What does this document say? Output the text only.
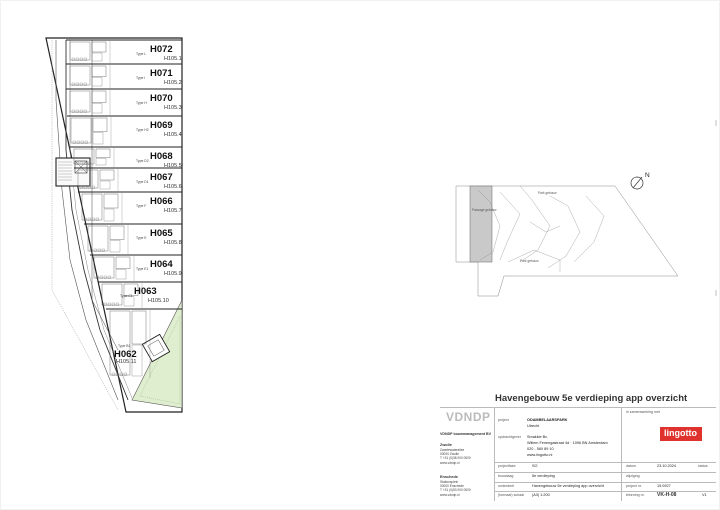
H072
H105.1
Type L
H071
H105.2
Type I
H070
H105.3
Type H
H069
H105.4
Type H2
H068
H105.5
Type D2
H067
H105.6
Type D1
H066
H105.7
Type F
H065
H105.8
Type E
H064
H105.9
Type E1
H063
H105.10
Type C1
H062
H105.11
Type B1
Passage gebouw
Park gebouw
Park gebouw
N
Havengebouw 5e verdieping app overzicht
VDNDP
VDNDP bouwmanagement BV
Zwolle
Zwartewaterallee
00000 Zwolle
T +31 (0)38 000 0000
www.vdndp.nl
Enschede
Stationsplein
00000 Enschede
T +31 (0)53 000 0000
www.vdndp.nl
project	ODAMBELAARSPARK
Utrecht
opdrachtgever Smakkie Bv.
Willem Fenengastraat 4d · 1096 BN Amsterdam
020 - 560 89 10
www.lingotto.nl
projectfase	SO
bouwlaag	5e verdieping
onderdeel	Havengebouw 5e verdieping app overzicht
(formaat) schaal (A3) 1:200
in samenwerking met
lingotto
datum	23.10.2024	status
wijziging
project nr.	19.0927
tekening nr. VK-H-08	V1
